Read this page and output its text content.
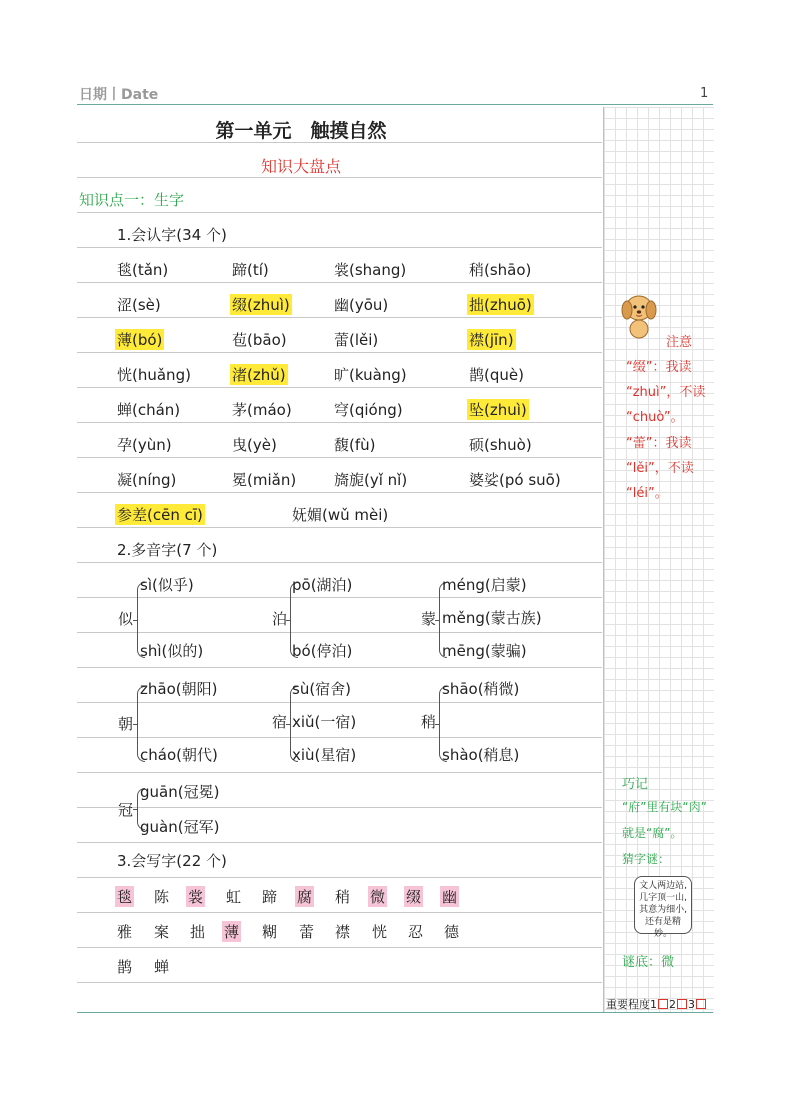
日期丨Date	1
第一单元　触摸自然
知识大盘点
知识点一：生字
1.会认字(34 个)
毯(tǎn)	蹄(tí)	裳(shang)	稍(shāo)
涩(sè)	缀(zhuì)	幽(yōu)	拙(zhuō)
薄(bó)	苞(bāo)	蕾(lěi)	襟(jīn)
恍(huǎng)	渚(zhǔ)	旷(kuàng)	鹊(què)
蝉(chán)	茅(máo)	穹(qióng)	坠(zhuì)
孕(yùn)	曳(yè)	馥(fù)	硕(shuò)
凝(níng)	冕(miǎn)	旖旎(yǐ nǐ)	婆娑(pó suō)
参差(cēn cī)	妩媚(wǔ mèi)
2.多音字(7 个)
似
sì(似乎)
shì(似的)
泊
pō(湖泊)
bó(停泊)
蒙
méng(启蒙)
měng(蒙古族)
mēng(蒙骗)
朝
zhāo(朝阳)
cháo(朝代)
宿
sù(宿舍)
xiǔ(一宿)
xiù(星宿)
稍
shāo(稍微)
shào(稍息)
冠
guān(冠冕)
guàn(冠军)
3.会写字(22 个)
毯 陈 裳 虹 蹄 腐 稍 微 缀 幽
雅 案 拙 薄 糊 蕾 襟 恍 忍 德
鹊 蝉
注意
“缀”：我读
“zhuì”，不读
“chuò”。
“蕾”：我读
“lěi”，不读
“léi”。
巧记
“府”里有块“肉”
就是“腐”。
猜字谜：
文人两边站,
几字顶一山,
其意为细小,
还有是精妙。
谜底：微
重要程度1 2 3
